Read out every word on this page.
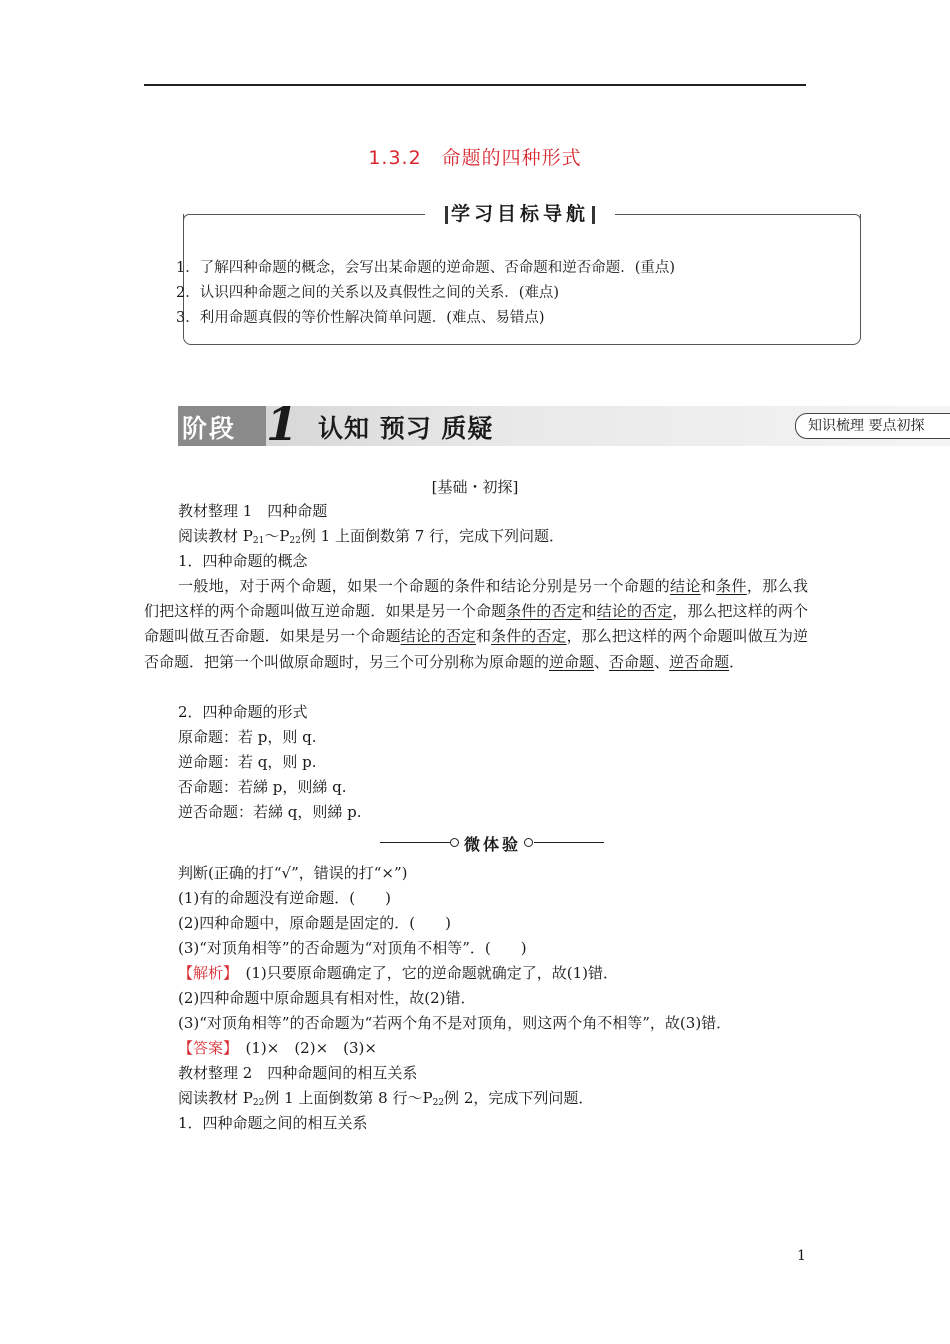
1.3.2　命题的四种形式
学习目标导航
1．了解四种命题的概念，会写出某命题的逆命题、否命题和逆否命题．(重点)
2．认识四种命题之间的关系以及真假性之间的关系．(难点)
3．利用命题真假的等价性解决简单问题．(难点、易错点)
阶段 1 认知 预习 质疑	知识梳理 要点初探
[基础・初探]
教材整理 1　四种命题
阅读教材 $P_{21}\sim P_{22}$例 1 上面倒数第 7 行，完成下列问题．
1．四种命题的概念
一般地，对于两个命题，如果一个命题的条件和结论分别是另一个命题的结论和条件，那么我们把这样的两个命题叫做互逆命题．如果是另一个命题条件的否定和结论的否定，那么把这样的两个命题叫做互否命题．如果是另一个命题结论的否定和条件的否定，那么把这样的两个命题叫做互为逆否命题．把第一个叫做原命题时，另三个可分别称为原命题的逆命题、否命题、逆否命题．
2．四种命题的形式
原命题：若 p，则 q.
逆命题：若 q，则 p.
否命题：若綈 p，则綈 q.
逆否命题：若綈 q，则綈 p.
微体验
判断(正确的打“√”，错误的打“×”)
(1)有的命题没有逆命题．(　　)
(2)四种命题中，原命题是固定的．(　　)
(3)“对顶角相等”的否命题为“对顶角不相等”．(　　)
【解析】　(1)只要原命题确定了，它的逆命题就确定了，故(1)错．
(2)四种命题中原命题具有相对性，故(2)错．
(3)“对顶角相等”的否命题为“若两个角不是对顶角，则这两个角不相等”，故(3)错．
【答案】　(1)×　(2)×　(3)×
教材整理 2　四种命题间的相互关系
阅读教材 $P_{22}$例 1 上面倒数第 8 行$\sim P_{22}$例 2，完成下列问题．
1．四种命题之间的相互关系
1
